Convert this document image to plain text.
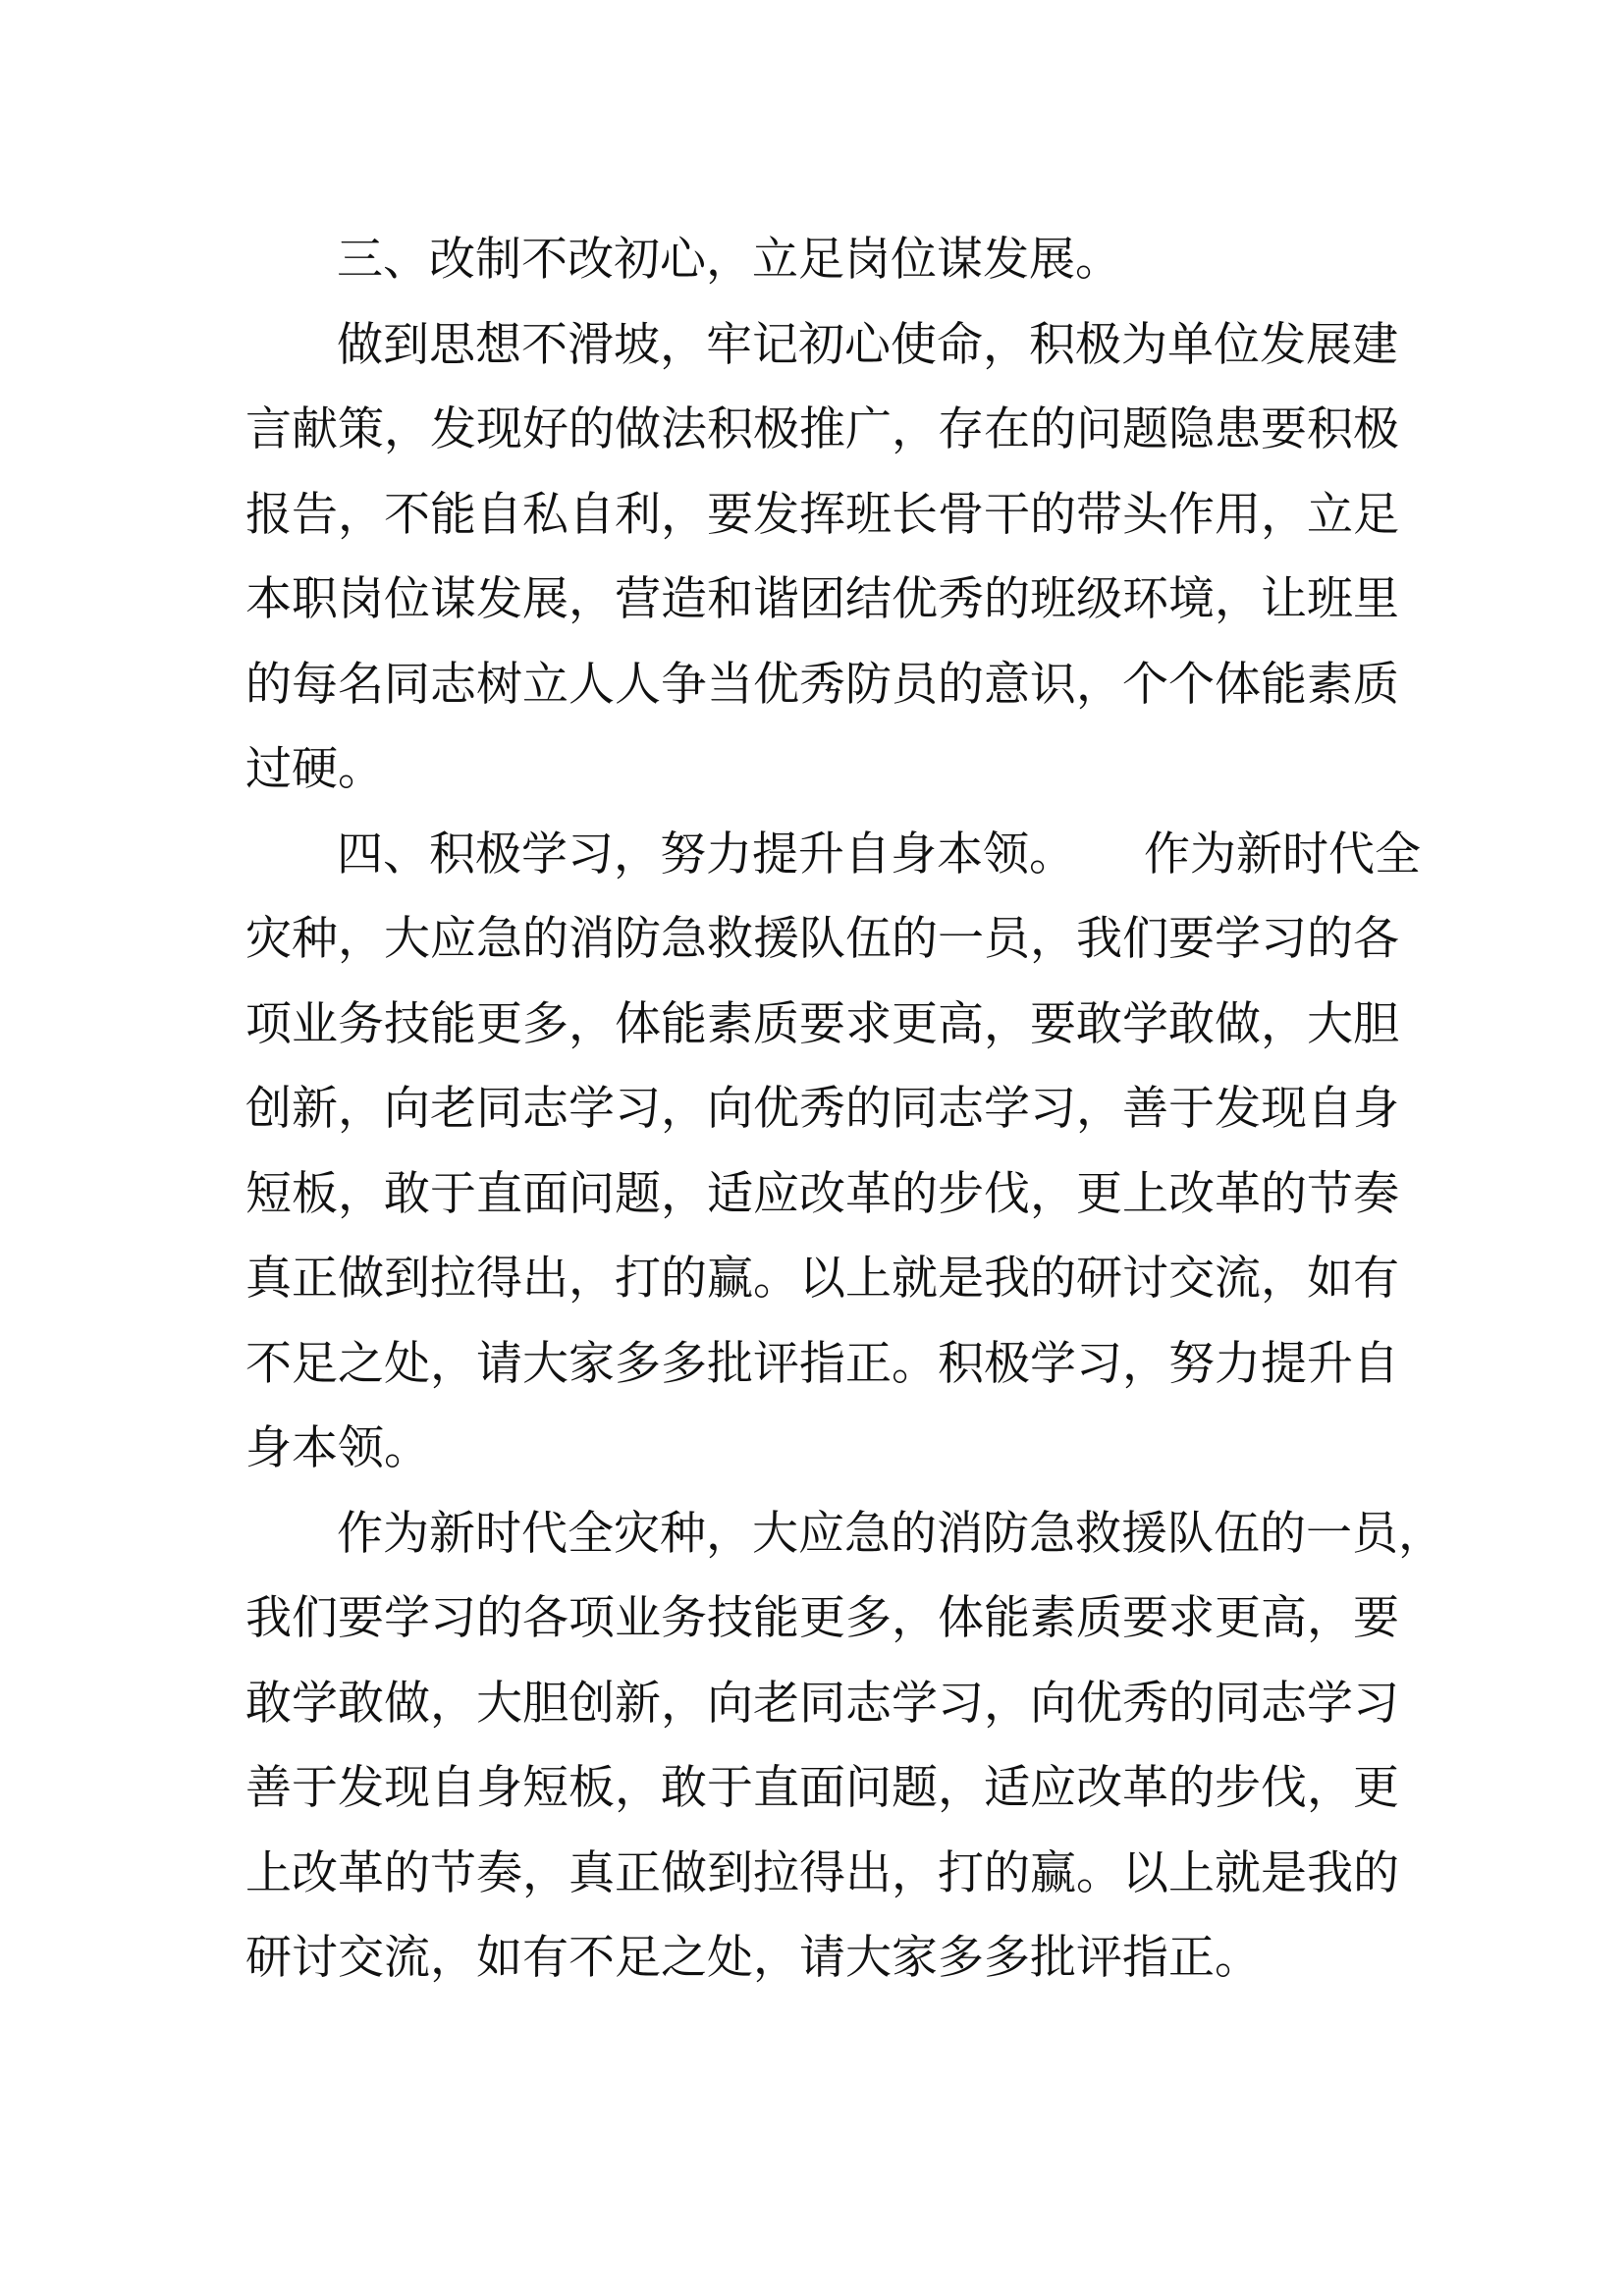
三、改制不改初心，立足岗位谋发展。
做到思想不滑坡，牢记初心使命，积极为单位发展建
言献策，发现好的做法积极推广，存在的问题隐患要积极
报告，不能自私自利，要发挥班长骨干的带头作用，立足
本职岗位谋发展，营造和谐团结优秀的班级环境，让班里
的每名同志树立人人争当优秀防员的意识，个个体能素质
过硬。
四、积极学习，努力提升自身本领。 作为新时代全
灾种，大应急的消防急救援队伍的一员，我们要学习的各
项业务技能更多，体能素质要求更高，要敢学敢做，大胆
创新，向老同志学习，向优秀的同志学习，善于发现自身
短板，敢于直面问题，适应改革的步伐，更上改革的节奏
真正做到拉得出，打的赢。以上就是我的研讨交流，如有
不足之处，请大家多多批评指正。积极学习，努力提升自
身本领。
作为新时代全灾种，大应急的消防急救援队伍的一员，
我们要学习的各项业务技能更多，体能素质要求更高，要
敢学敢做，大胆创新，向老同志学习，向优秀的同志学习
善于发现自身短板，敢于直面问题，适应改革的步伐，更
上改革的节奏，真正做到拉得出，打的赢。以上就是我的
研讨交流，如有不足之处，请大家多多批评指正。
